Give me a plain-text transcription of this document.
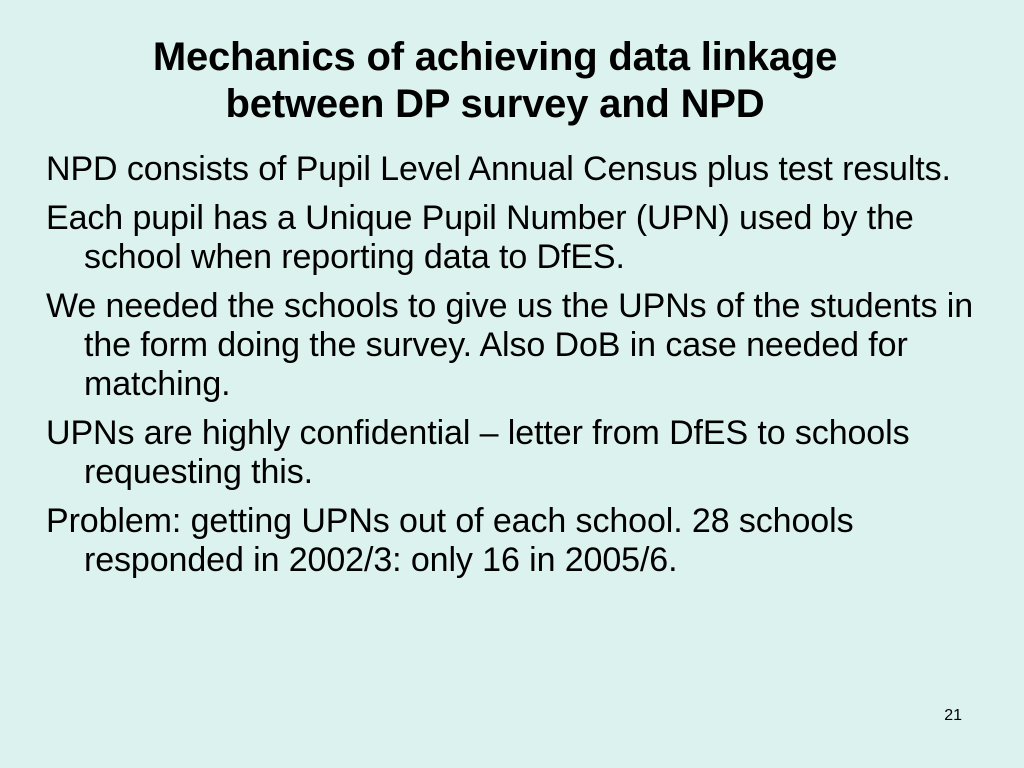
Mechanics of achieving data linkage
between DP survey and NPD
NPD consists of Pupil Level Annual Census plus test results.
Each pupil has a Unique Pupil Number (UPN) used by the school when reporting data to DfES.
We needed the schools to give us the UPNs of the students in the form doing the survey. Also DoB in case needed for matching.
UPNs are highly confidential – letter from DfES to schools requesting this.
Problem: getting UPNs out of each school. 28 schools responded in 2002/3: only 16 in 2005/6.
21
